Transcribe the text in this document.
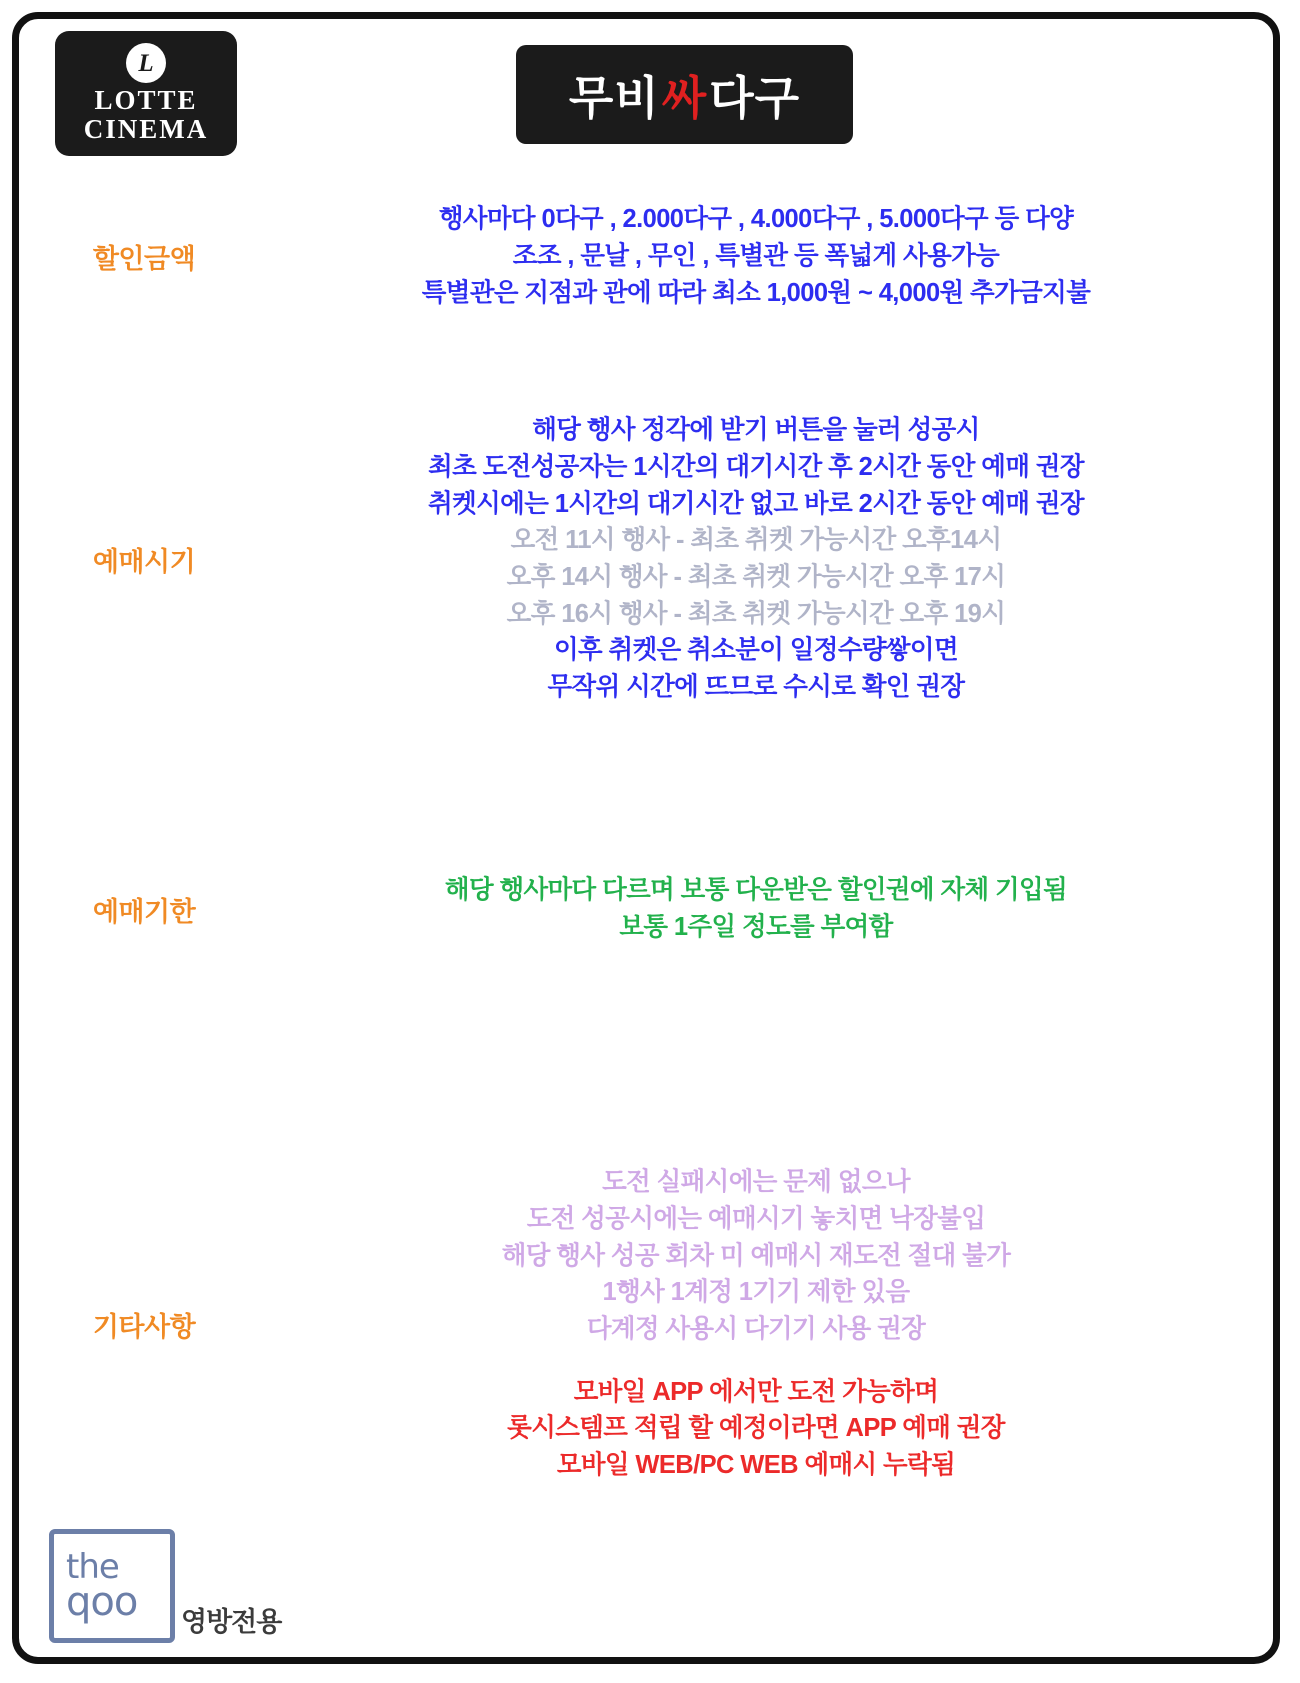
L
LOTTE
CINEMA
무비 싸 다구
할인금액
행사마다 0다구 , 2.000다구 , 4.000다구 , 5.000다구 등 다양
조조 , 문날 , 무인 , 특별관 등 폭넓게 사용가능
특별관은 지점과 관에 따라 최소 1,000원 ~ 4,000원 추가금지불
예매시기
해당 행사 정각에 받기 버튼을 눌러 성공시
최초 도전성공자는 1시간의 대기시간 후 2시간 동안 예매 권장
취켓시에는 1시간의 대기시간 없고 바로 2시간 동안 예매 권장
오전 11시 행사 - 최초 취켓 가능시간 오후14시
오후 14시 행사 - 최초 취켓 가능시간 오후 17시
오후 16시 행사 - 최초 취켓 가능시간 오후 19시
이후 취켓은 취소분이 일정수량쌓이면
무작위 시간에 뜨므로 수시로 확인 권장
예매기한
해당 행사마다 다르며 보통 다운받은 할인권에 자체 기입됨
보통 1주일 정도를 부여함
기타사항
도전 실패시에는 문제 없으나
도전 성공시에는 예매시기 놓치면 낙장불입
해당 행사 성공 회차 미 예매시 재도전 절대 불가
1행사 1계정 1기기 제한 있음
다계정 사용시 다기기 사용 권장
모바일 APP 에서만 도전 가능하며
롯시스템프 적립 할 예정이라면 APP 예매 권장
모바일 WEB/PC WEB 예매시 누락됨
the
qoo 영방전용
